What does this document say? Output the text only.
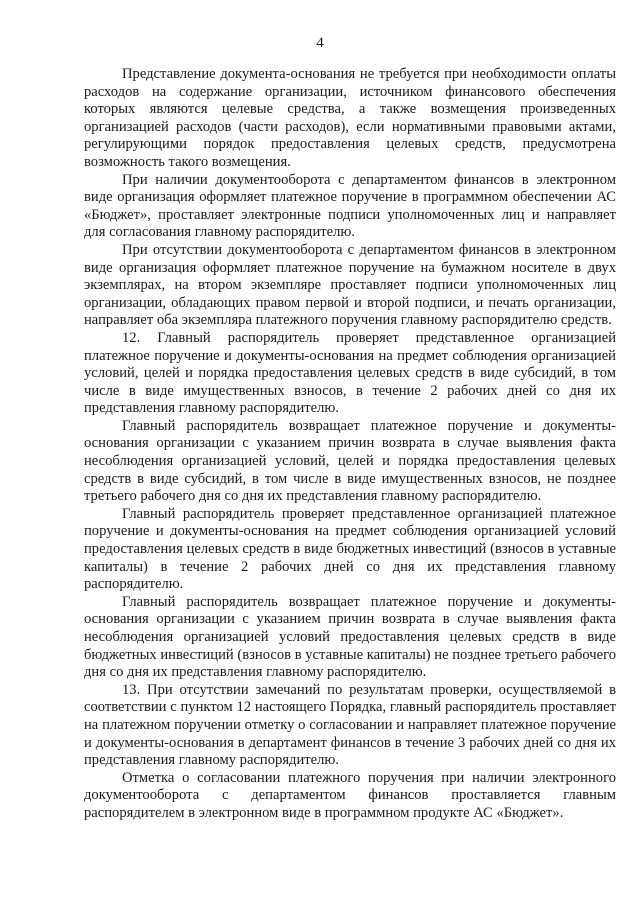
4

Представление документа-основания не требуется при необходимости оплаты расходов на содержание организации, источником финансового обеспечения которых являются целевые средства, а также возмещения произведенных организацией расходов (части расходов), если нормативными правовыми актами, регулирующими порядок предоставления целевых средств, предусмотрена возможность такого возмещения.

При наличии документооборота с департаментом финансов в электронном виде организация оформляет платежное поручение в программном обеспечении АС «Бюджет», проставляет электронные подписи уполномоченных лиц и направляет для согласования главному распорядителю.

При отсутствии документооборота с департаментом финансов в электронном виде организация оформляет платежное поручение на бумажном носителе в двух экземплярах, на втором экземпляре проставляет подписи уполномоченных лиц организации, обладающих правом первой и второй подписи, и печать организации, направляет оба экземпляра платежного поручения главному распорядителю средств.

12. Главный распорядитель проверяет представленное организацией платежное поручение и документы-основания на предмет соблюдения организацией условий, целей и порядка предоставления целевых средств в виде субсидий, в том числе в виде имущественных взносов, в течение 2 рабочих дней со дня их представления главному распорядителю.

Главный распорядитель возвращает платежное поручение и документы-основания организации с указанием причин возврата в случае выявления факта несоблюдения организацией условий, целей и порядка предоставления целевых средств в виде субсидий, в том числе в виде имущественных взносов, не позднее третьего рабочего дня со дня их представления главному распорядителю.

Главный распорядитель проверяет представленное организацией платежное поручение и документы-основания на предмет соблюдения организацией условий предоставления целевых средств в виде бюджетных инвестиций (взносов в уставные капиталы) в течение 2 рабочих дней со дня их представления главному распорядителю.

Главный распорядитель возвращает платежное поручение и документы-основания организации с указанием причин возврата в случае выявления факта несоблюдения организацией условий предоставления целевых средств в виде бюджетных инвестиций (взносов в уставные капиталы) не позднее третьего рабочего дня со дня их представления главному распорядителю.

13. При отсутствии замечаний по результатам проверки, осуществляемой в соответствии с пунктом 12 настоящего Порядка, главный распорядитель проставляет на платежном поручении отметку о согласовании и направляет платежное поручение и документы-основания в департамент финансов в течение 3 рабочих дней со дня их представления главному распорядителю.

Отметка о согласовании платежного поручения при наличии электронного документооборота с департаментом финансов проставляется главным распорядителем в электронном виде в программном продукте АС «Бюджет».
